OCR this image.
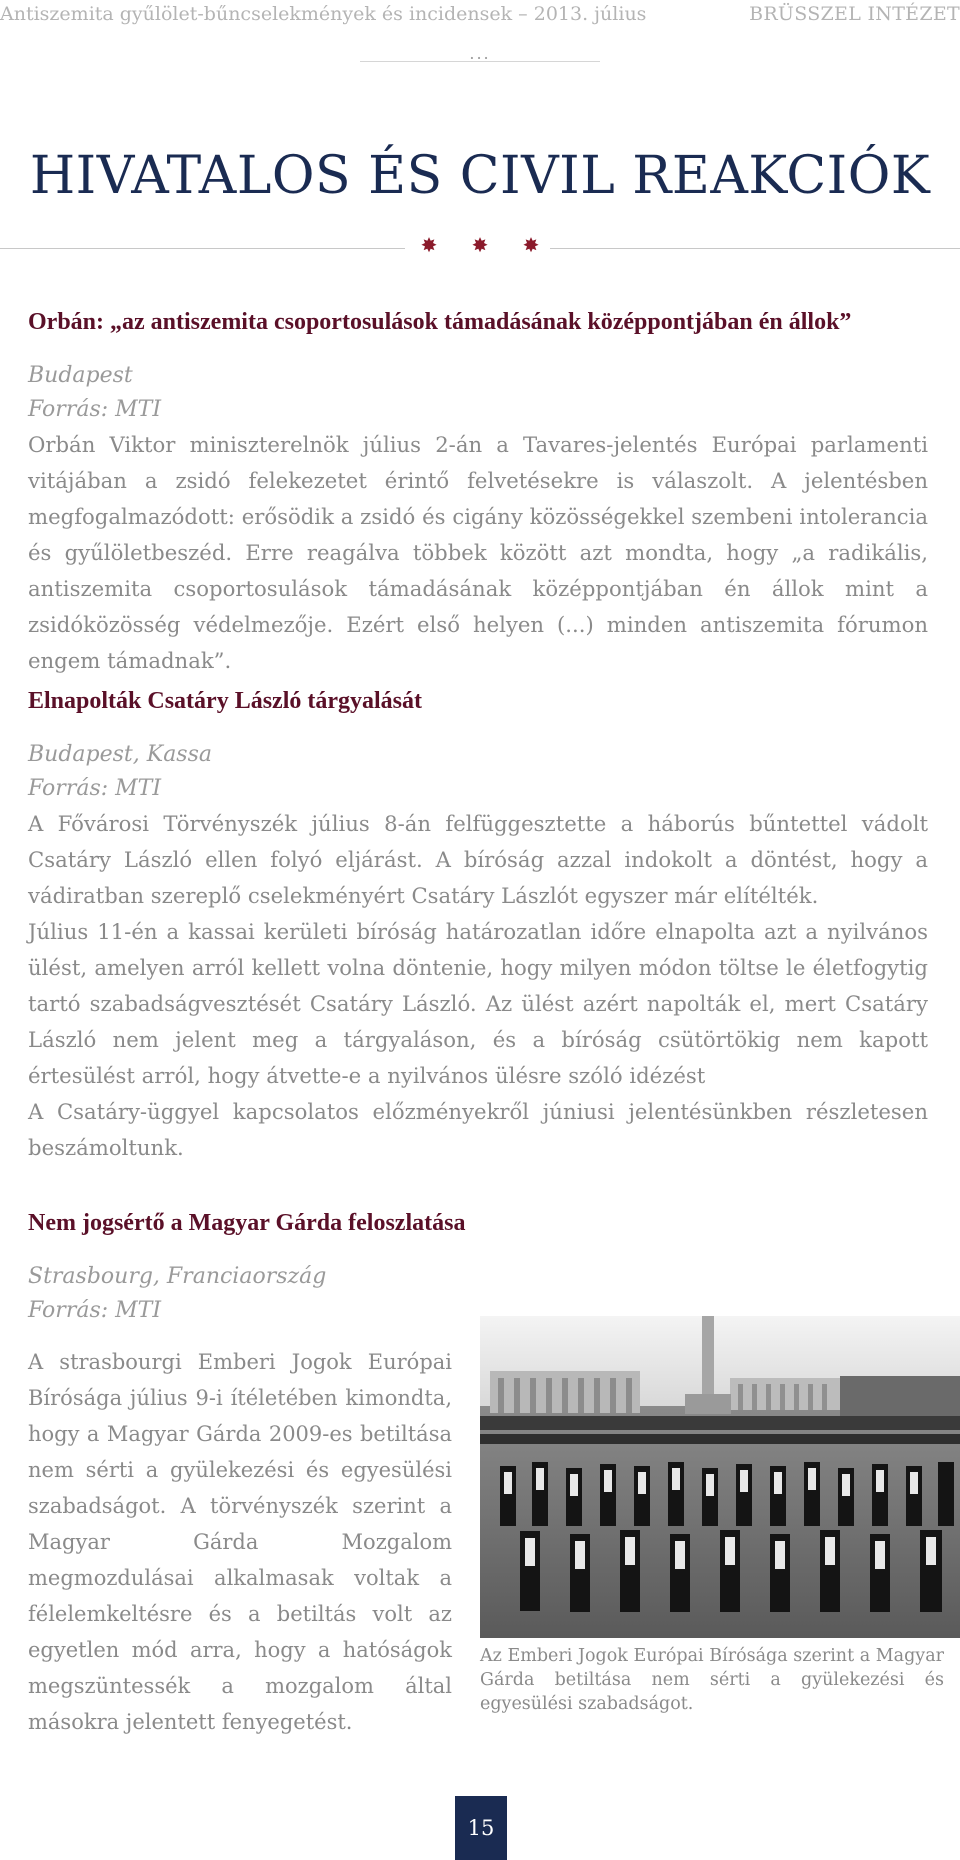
Antiszemita gyűlölet-bűncselekmények és incidensek – 2013. július	BRÜSSZEL INTÉZET
...
HIVATALOS ÉS CIVIL REAKCIÓK
✸ ✸ ✸
Orbán: „az antiszemita csoportosulások támadásának középpontjában én állok”
Budapest
Forrás: MTI

Orbán Viktor miniszterelnök július 2-án a Tavares-jelentés Európai parlamenti vitájában a zsidó felekezetet érintő felvetésekre is válaszolt. A jelentésben megfogalmazódott: erősödik a zsidó és cigány közösségekkel szembeni intolerancia és gyűlöletbeszéd. Erre reagálva többek között azt mondta, hogy „a radikális, antiszemita csoportosulások támadásának középpontjában én állok mint a zsidóközösség védelmezője. Ezért első helyen (...) minden antiszemita fórumon engem támadnak”.

Elnapolták Csatáry László tárgyalását
Budapest, Kassa
Forrás: MTI

A Fővárosi Törvényszék július 8-án felfüggesztette a háborús bűntettel vádolt Csatáry László ellen folyó eljárást. A bíróság azzal indokolt a döntést, hogy a vádiratban szereplő cselekményért Csatáry Lászlót egyszer már elítélték.

Július 11-én a kassai kerületi bíróság határozatlan időre elnapolta azt a nyilvános ülést, amelyen arról kellett volna döntenie, hogy milyen módon töltse le életfogytig tartó szabadságvesztését Csatáry László. Az ülést azért napolták el, mert Csatáry László nem jelent meg a tárgyaláson, és a bíróság csütörtökig nem kapott értesülést arról, hogy átvette-e a nyilvános ülésre szóló idézést

A Csatáry-üggyel kapcsolatos előzményekről júniusi jelentésünkben részletesen beszámoltunk.

Nem jogsértő a Magyar Gárda feloszlatása
Strasbourg, Franciaország
Forrás: MTI

A strasbourgi Emberi Jogok Európai Bírósága július 9-i ítéletében kimondta, hogy a Magyar Gárda 2009-es betiltása nem sérti a gyülekezési és egyesülési szabadságot. A törvényszék szerint a Magyar Gárda Mozgalom megmozdulásai alkalmasak voltak a félelemkeltésre és a betiltás volt az egyetlen mód arra, hogy a hatóságok megszüntessék a mozgalom által másokra jelentett fenyegetést.

Az Emberi Jogok Európai Bírósága szerint a Magyar Gárda betiltása nem sérti a gyülekezési és egyesülési szabadságot.
15
